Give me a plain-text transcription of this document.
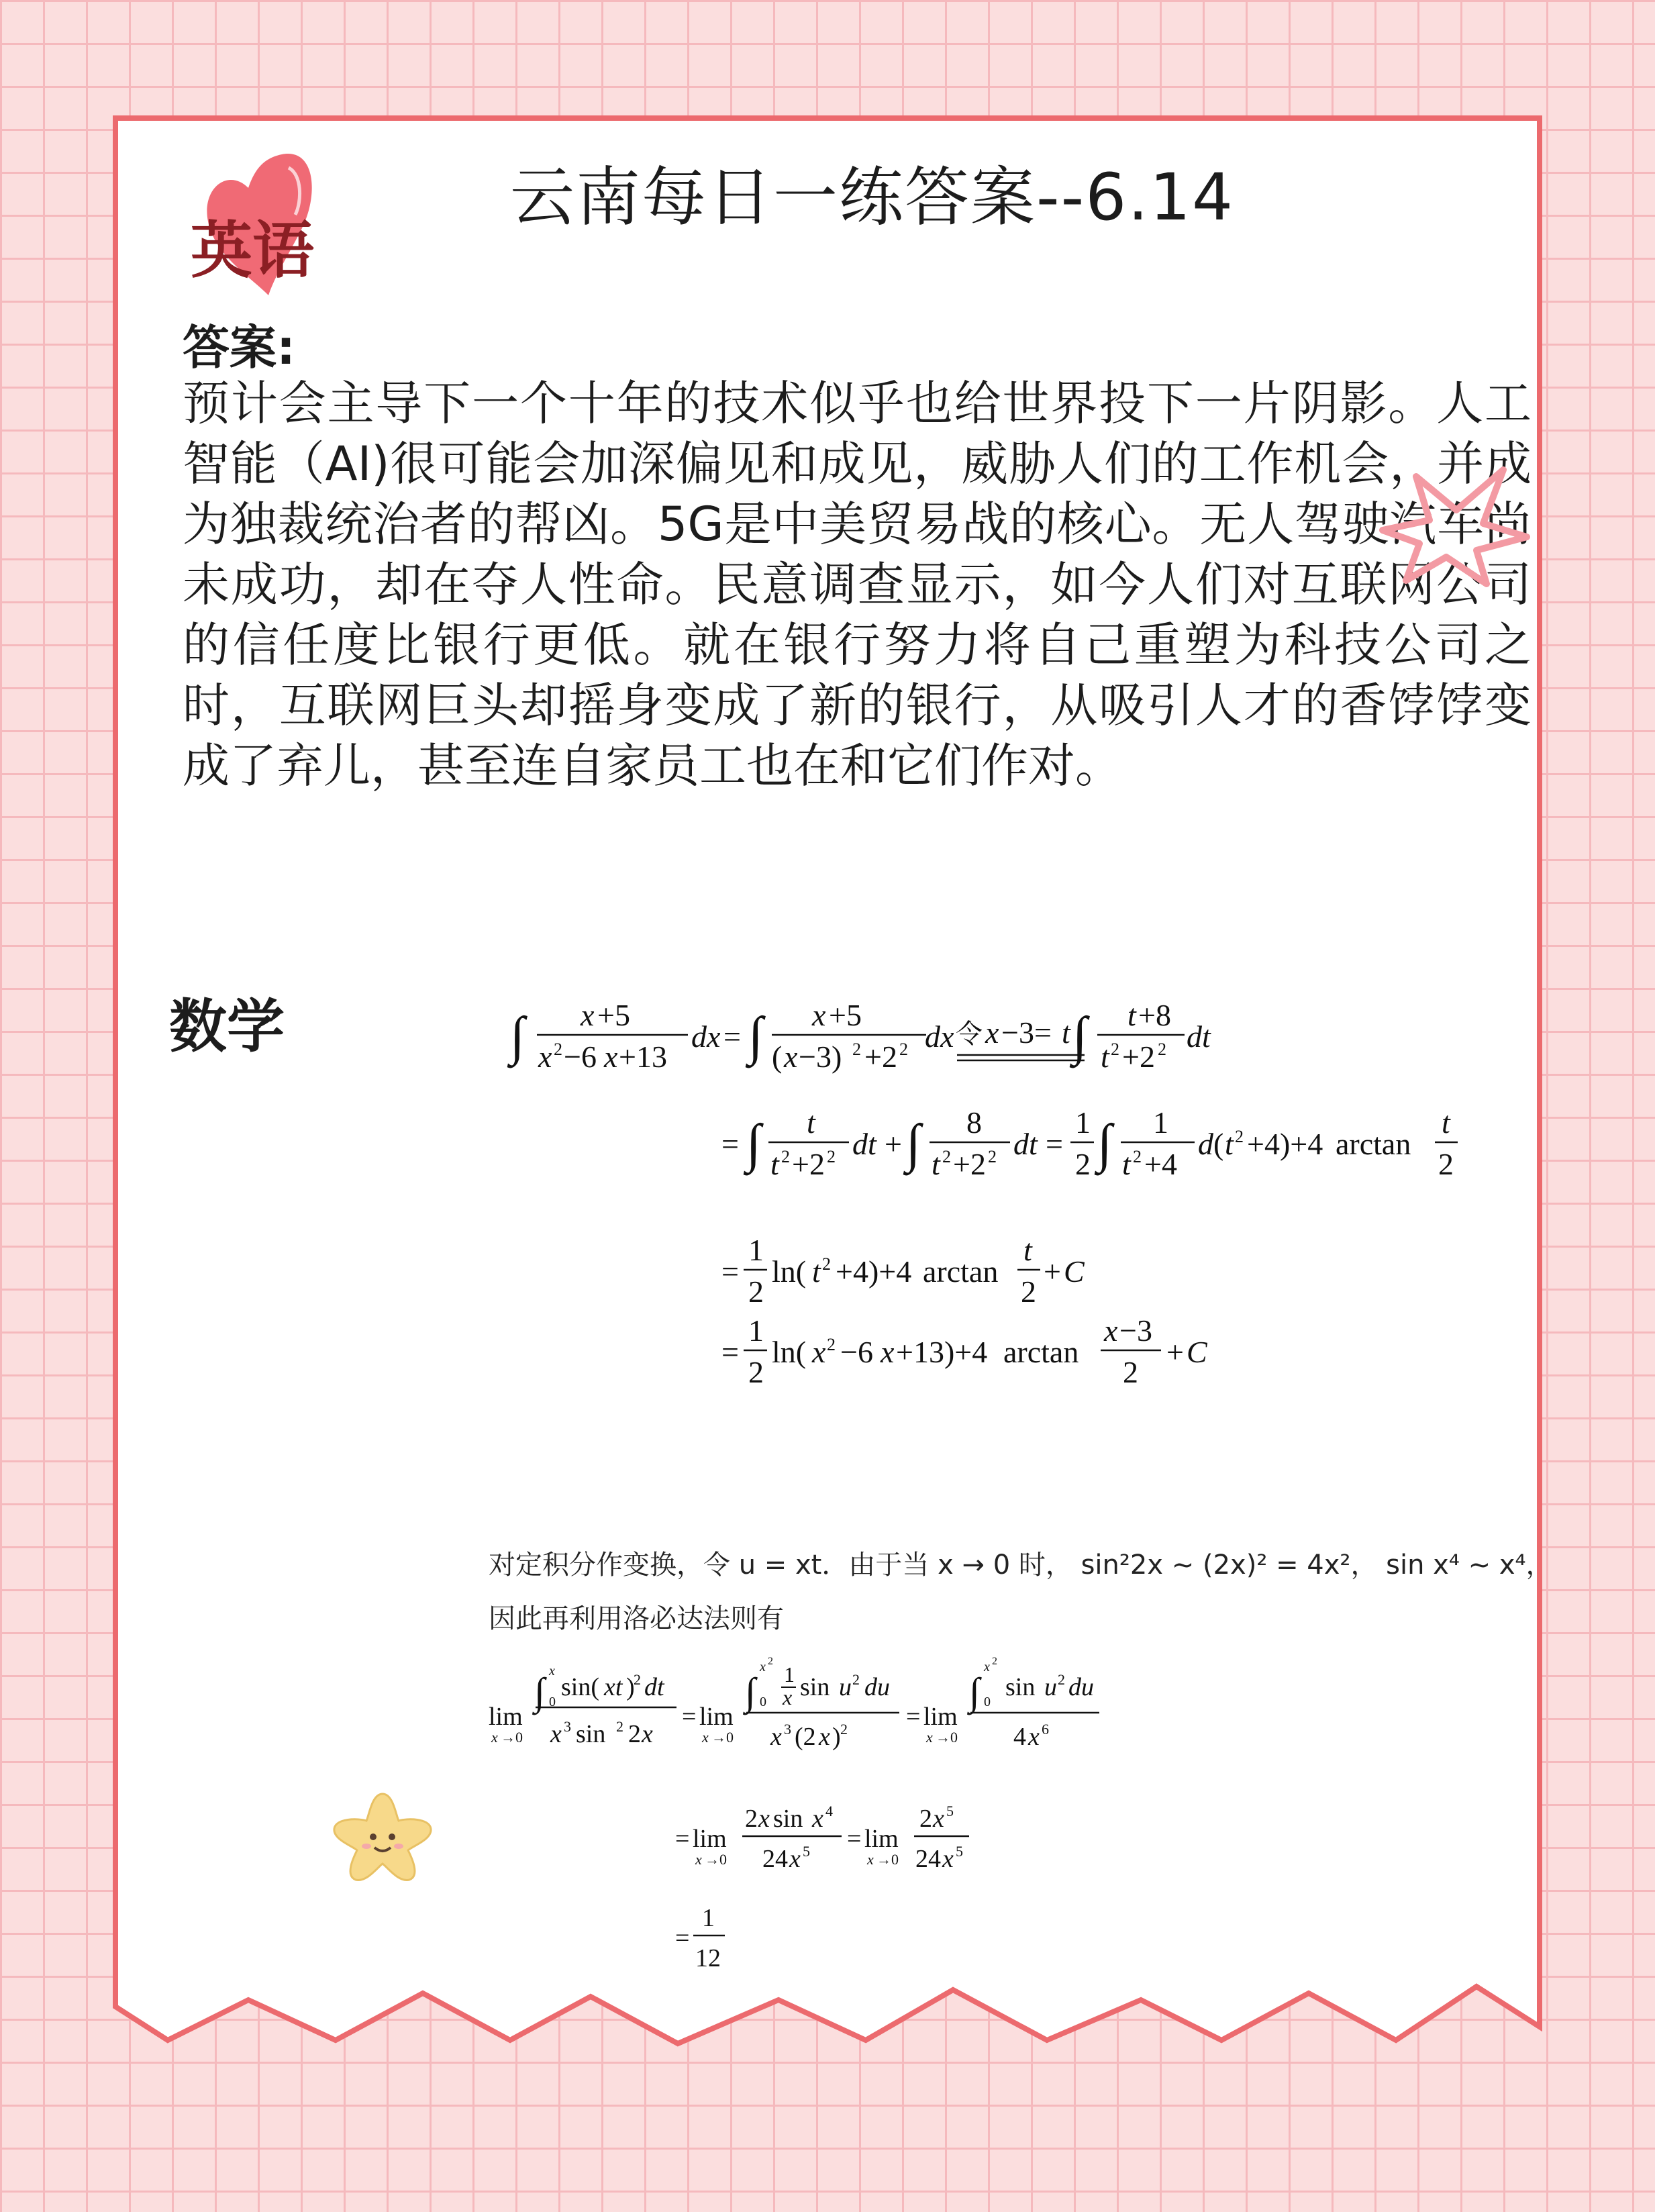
云南每日一练答案--6.14
英语
答案:
预计会主导下一个十年的技术似乎也给世界投下一片阴影。人工智能（AI)很可能会加深偏见和成见，威胁人们的工作机会，并成为独裁统治者的帮凶。5G是中美贸易战的核心。无人驾驶汽车尚未成功，却在夺人性命。民意调查显示，如今人们对互联网公司的信任度比银行更低。就在银行努力将自己重塑为科技公司之时，互联网巨头却摇身变成了新的银行，从吸引人才的香饽饽变成了弃儿，甚至连自家员工也在和它们作对。
数学	∫ x +5
x 2 −6 x +13
dx = ∫ x +5
( x −3) 2 +2 2 dx 令 x −3= t ∫ t +8
t 2 +2 2 dt
= ∫ t
t 2 +2 2 dt + ∫ 8
t 2 +2 2 dt =
1
2 ∫ 1
t 2 +4
d ( t 2 +4)+4 arctan
t
2
=
1
2
ln( t 2 +4)+4 arctan
t
2
+ C
=
1
2
ln( x 2 −6 x +13)+4 arctan
x −3
2
+ C
对定积分作变换，令 u = xt．由于当 x → 0 时， sin²2x ~ (2x)² = 4x²， sin x⁴ ~ x⁴，
因此再利用洛必达法则有
lim
x →0
∫ x
0
sin( xt )
2 dt
x 3 sin 2 2 x
= lim
x →0
∫
x 2
0
1
x sin u 2 du
x 3 (2 x ) 2 = lim
x →0
∫
x 2
0
sin u 2 du
4 x 6
= lim
x →0
2 x sin x 4
24 x 5 = lim
x →0
2 x 5
24 x 5
=
1
12
